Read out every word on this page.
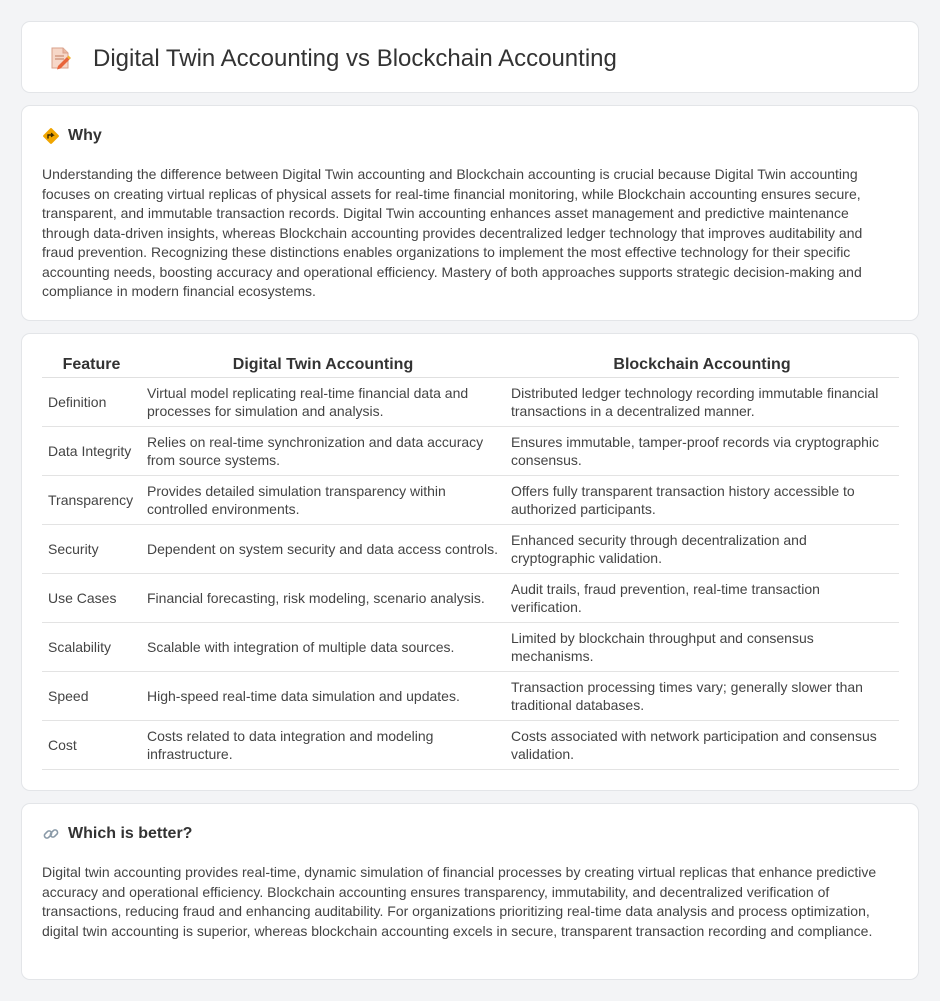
Digital Twin Accounting vs Blockchain Accounting
Why

Understanding the difference between Digital Twin accounting and Blockchain accounting is crucial because Digital Twin accounting focuses on creating virtual replicas of physical assets for real-time financial monitoring, while Blockchain accounting ensures secure, transparent, and immutable transaction records. Digital Twin accounting enhances asset management and predictive maintenance through data-driven insights, whereas Blockchain accounting provides decentralized ledger technology that improves auditability and fraud prevention. Recognizing these distinctions enables organizations to implement the most effective technology for their specific accounting needs, boosting accuracy and operational efficiency. Mastery of both approaches supports strategic decision-making and compliance in modern financial ecosystems.

Feature	Digital Twin Accounting	Blockchain Accounting
Definition	Virtual model replicating real-time financial data and processes for simulation and analysis.	Distributed ledger technology recording immutable financial transactions in a decentralized manner.
Data Integrity	Relies on real-time synchronization and data accuracy from source systems.	Ensures immutable, tamper-proof records via cryptographic consensus.
Transparency	Provides detailed simulation transparency within controlled environments.	Offers fully transparent transaction history accessible to authorized participants.
Security	Dependent on system security and data access controls.	Enhanced security through decentralization and cryptographic validation.
Use Cases	Financial forecasting, risk modeling, scenario analysis.	Audit trails, fraud prevention, real-time transaction verification.
Scalability	Scalable with integration of multiple data sources.	Limited by blockchain throughput and consensus mechanisms.
Speed	High-speed real-time data simulation and updates.	Transaction processing times vary; generally slower than traditional databases.
Cost	Costs related to data integration and modeling infrastructure.	Costs associated with network participation and consensus validation.
Which is better?

Digital twin accounting provides real-time, dynamic simulation of financial processes by creating virtual replicas that enhance predictive accuracy and operational efficiency. Blockchain accounting ensures transparency, immutability, and decentralized verification of transactions, reducing fraud and enhancing auditability. For organizations prioritizing real-time data analysis and process optimization, digital twin accounting is superior, whereas blockchain accounting excels in secure, transparent transaction recording and compliance.
